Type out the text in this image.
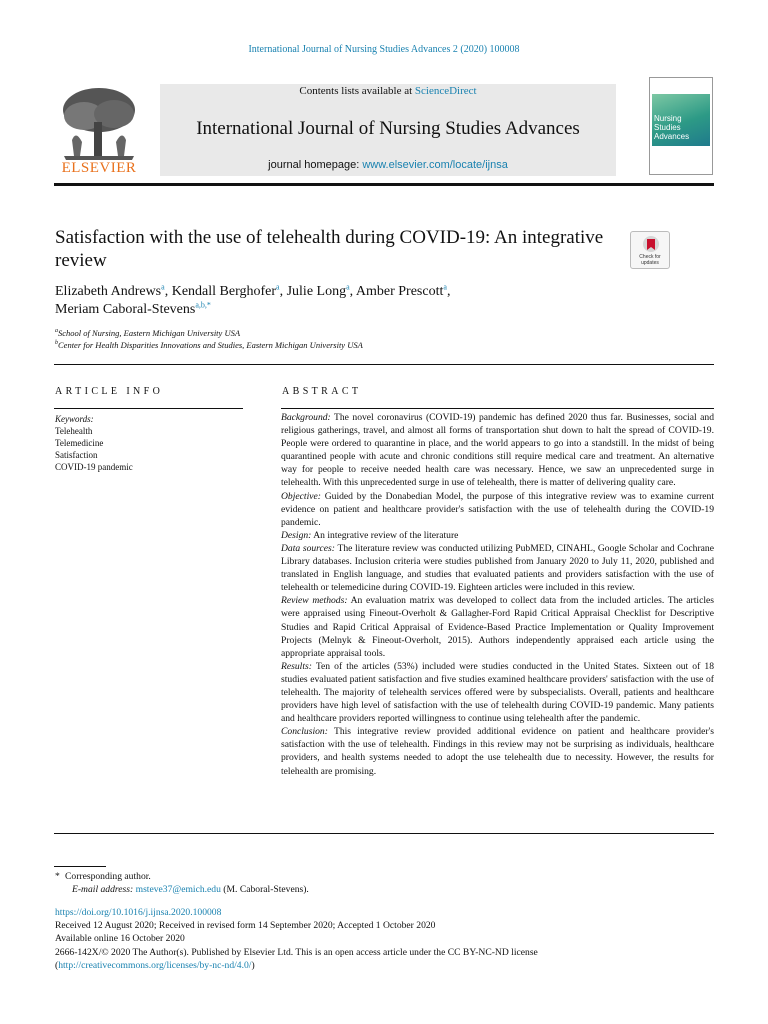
International Journal of Nursing Studies Advances 2 (2020) 100008
ELSEVIER
Contents lists available at ScienceDirect
International Journal of Nursing Studies Advances
journal homepage: www.elsevier.com/locate/ijnsa
Nursing Studies Advances
Satisfaction with the use of telehealth during COVID-19: An integrative review	Check for updates
Elizabeth Andrews$^a$, Kendall Berghofer$^a$, Julie Long$^a$, Amber Prescott$^a$,
Meriam Caboral-Stevens$^{a,b,*}$
$^a$School of Nursing, Eastern Michigan University USA
$^b$Center for Health Disparities Innovations and Studies, Eastern Michigan University USA
ARTICLE INFO
Keywords:
Telehealth
Telemedicine
Satisfaction
COVID-19 pandemic
ABSTRACT

Background: The novel coronavirus (COVID-19) pandemic has defined 2020 thus far. Businesses, social and religious gatherings, travel, and almost all forms of transportation shut down to halt the spread of COVID-19. People were ordered to quarantine in place, and the world appears to go into a standstill. In the midst of being quarantined people with acute and chronic conditions still require medical care and treatment. An alternative way for people to receive needed health care was necessary. Hence, we saw an unprecedented surge in telehealth. With this unprecedented surge in use of telehealth, there is matter of delivering quality care.

Objective: Guided by the Donabedian Model, the purpose of this integrative review was to examine current evidence on patient and healthcare provider's satisfaction with the use of telehealth during the COVID-19 pandemic.

Design: An integrative review of the literature

Data sources: The literature review was conducted utilizing PubMED, CINAHL, Google Scholar and Cochrane Library databases. Inclusion criteria were studies published from January 2020 to July 11, 2020, published and translated in English language, and studies that evaluated patients and providers satisfaction with the use of telehealth or telemedicine during COVID-19. Eighteen articles were included in this review.

Review methods: An evaluation matrix was developed to collect data from the included articles. The articles were appraised using Fineout-Overholt & Gallagher-Ford Rapid Critical Appraisal Checklist for Descriptive Studies and Rapid Critical Appraisal of Evidence-Based Practice Implementation or Quality Improvement Projects (Melnyk & Fineout-Overholt, 2015). Authors independently appraised each article using the appropriate appraisal tools.

Results: Ten of the articles (53%) included were studies conducted in the United States. Sixteen out of 18 studies evaluated patient satisfaction and five studies examined healthcare providers' satisfaction with the use of telehealth. The majority of telehealth services offered were by subspecialists. Overall, patients and healthcare providers have high level of satisfaction with the use of telehealth during COVID-19 pandemic. Many patients and healthcare providers reported willingness to continue using telehealth after the pandemic.

Conclusion: This integrative review provided additional evidence on patient and healthcare provider's satisfaction with the use of telehealth. Findings in this review may not be surprising as individuals, healthcare providers, and health systems needed to adopt the use telehealth due to necessity. However, the results for telehealth are promising.

* Corresponding author.
E-mail address: msteve37@emich.edu (M. Caboral-Stevens).
https://doi.org/10.1016/j.ijnsa.2020.100008
Received 12 August 2020; Received in revised form 14 September 2020; Accepted 1 October 2020
Available online 16 October 2020
2666-142X/© 2020 The Author(s). Published by Elsevier Ltd. This is an open access article under the CC BY-NC-ND license
(http://creativecommons.org/licenses/by-nc-nd/4.0/)
